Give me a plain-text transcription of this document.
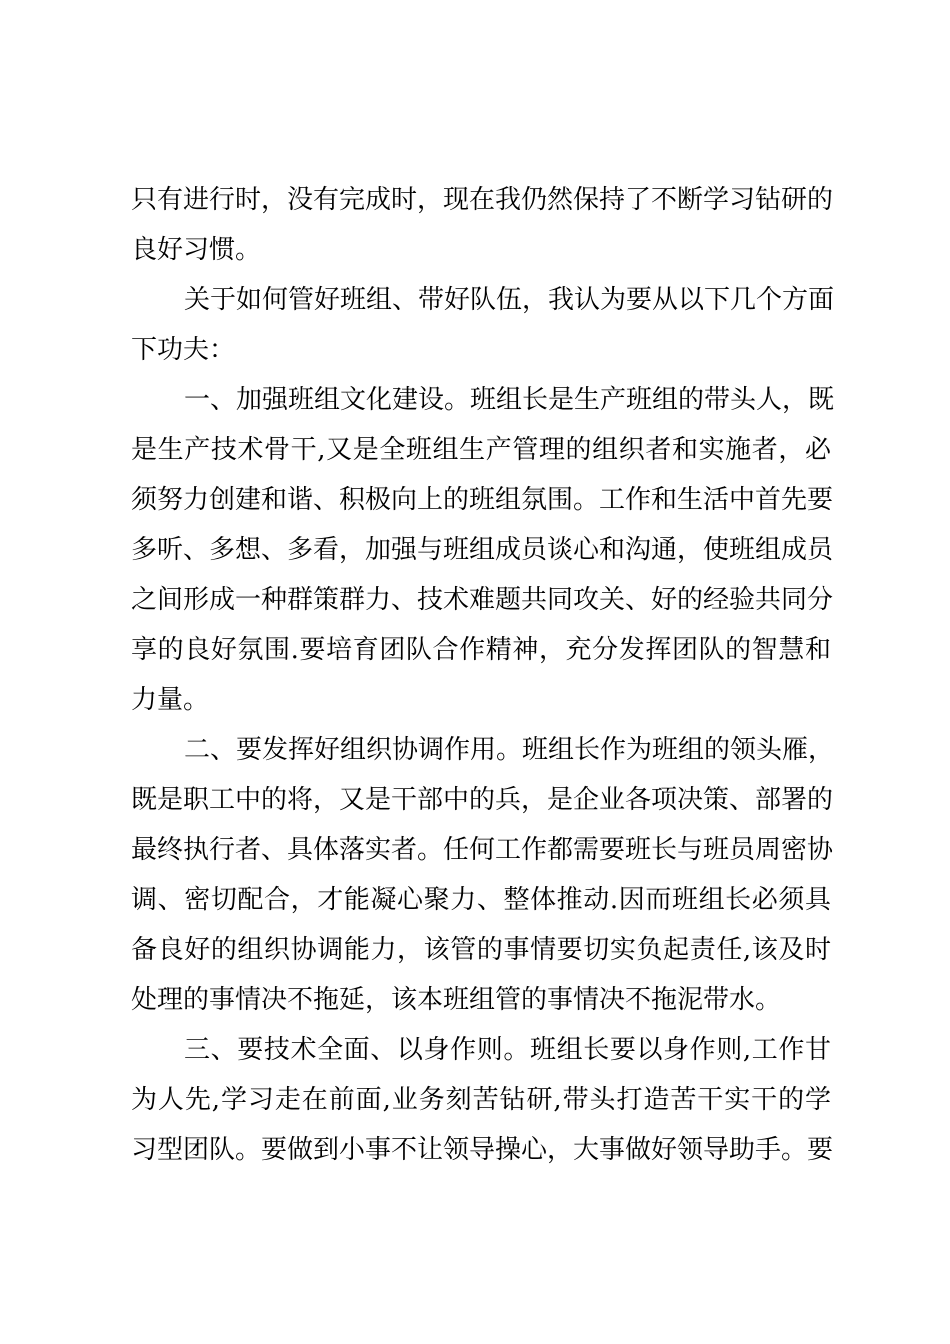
只有进行时，没有完成时，现在我仍然保持了不断学习钻研的
良好习惯。
关于如何管好班组、带好队伍，我认为要从以下几个方面
下功夫：
一、加强班组文化建设。班组长是生产班组的带头人，既
是生产技术骨干,又是全班组生产管理的组织者和实施者，必
须努力创建和谐、积极向上的班组氛围。工作和生活中首先要
多听、多想、多看，加强与班组成员谈心和沟通，使班组成员
之间形成一种群策群力、技术难题共同攻关、好的经验共同分
享的良好氛围.要培育团队合作精神，充分发挥团队的智慧和
力量。
二、要发挥好组织协调作用。班组长作为班组的领头雁，
既是职工中的将，又是干部中的兵，是企业各项决策、部署的
最终执行者、具体落实者。任何工作都需要班长与班员周密协
调、密切配合，才能凝心聚力、整体推动.因而班组长必须具
备良好的组织协调能力，该管的事情要切实负起责任,该及时
处理的事情决不拖延，该本班组管的事情决不拖泥带水。
三、要技术全面、以身作则。班组长要以身作则,工作甘
为人先,学习走在前面,业务刻苦钻研,带头打造苦干实干的学
习型团队。要做到小事不让领导操心，大事做好领导助手。要
